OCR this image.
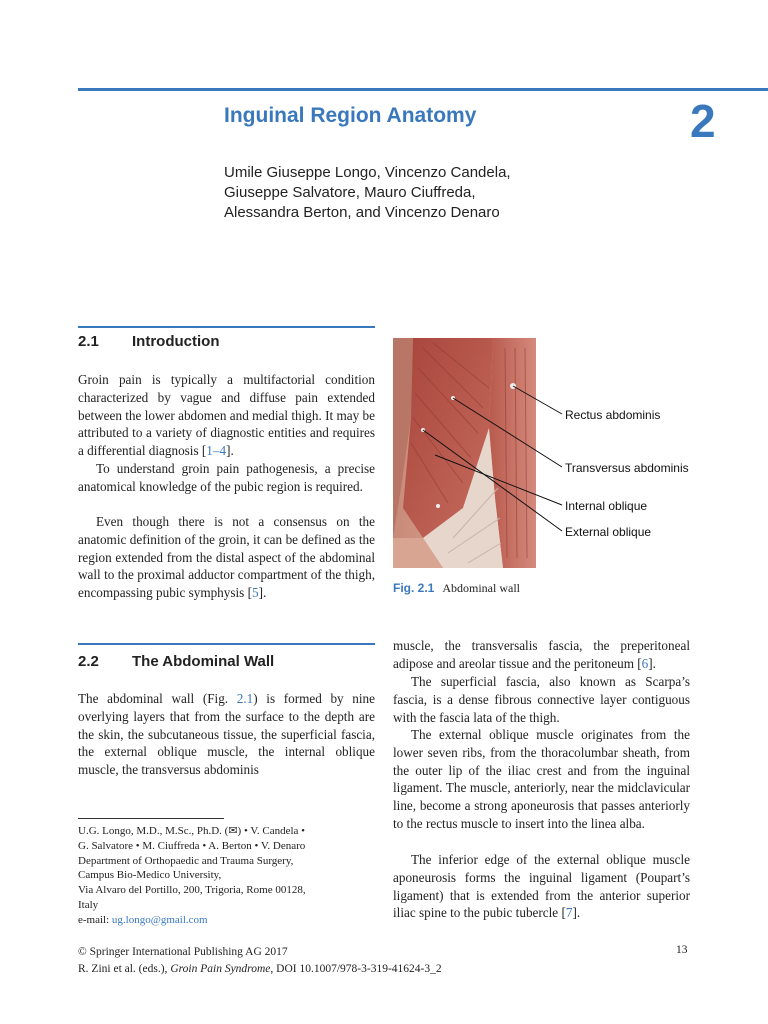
Inguinal Region Anatomy	2
Umile Giuseppe Longo, Vincenzo Candela,
Giuseppe Salvatore, Mauro Ciuffreda,
Alessandra Berton, and Vincenzo Denaro
2.1 Introduction

Groin pain is typically a multifactorial condition characterized by vague and diffuse pain extended between the lower abdomen and medial thigh. It may be attributed to a variety of diagnostic entities and requires a differential diagnosis [1–4].

To understand groin pain pathogenesis, a precise anatomical knowledge of the pubic region is required.

Even though there is not a consensus on the anatomic definition of the groin, it can be defined as the region extended from the distal aspect of the abdominal wall to the proximal adductor compartment of the thigh, encompassing pubic symphysis [5].

2.2 The Abdominal Wall

The abdominal wall (Fig. 2.1) is formed by nine overlying layers that from the surface to the depth are the skin, the subcutaneous tissue, the superficial fascia, the external oblique muscle, the internal oblique muscle, the transversus abdominis

Rectus abdominis
Transversus abdominis
Internal oblique
External oblique
Fig. 2.1 Abdominal wall

muscle, the transversalis fascia, the preperitoneal adipose and areolar tissue and the peritoneum [6].

The superficial fascia, also known as Scarpa’s fascia, is a dense fibrous connective layer contiguous with the fascia lata of the thigh.

The external oblique muscle originates from the lower seven ribs, from the thoracolumbar sheath, from the outer lip of the iliac crest and from the inguinal ligament. The muscle, anteriorly, near the midclavicular line, become a strong aponeurosis that passes anteriorly to the rectus muscle to insert into the linea alba.

The inferior edge of the external oblique muscle aponeurosis forms the inguinal ligament (Poupart’s ligament) that is extended from the anterior superior iliac spine to the pubic tubercle [7].

U.G. Longo, M.D., M.Sc., Ph.D. (✉) • V. Candela •
G. Salvatore • M. Ciuffreda • A. Berton • V. Denaro
Department of Orthopaedic and Trauma Surgery,
Campus Bio-Medico University,
Via Alvaro del Portillo, 200, Trigoria, Rome 00128,
Italy
e-mail: ug.longo@gmail.com
© Springer International Publishing AG 2017
R. Zini et al. (eds.), Groin Pain Syndrome, DOI 10.1007/978-3-319-41624-3_2
13
